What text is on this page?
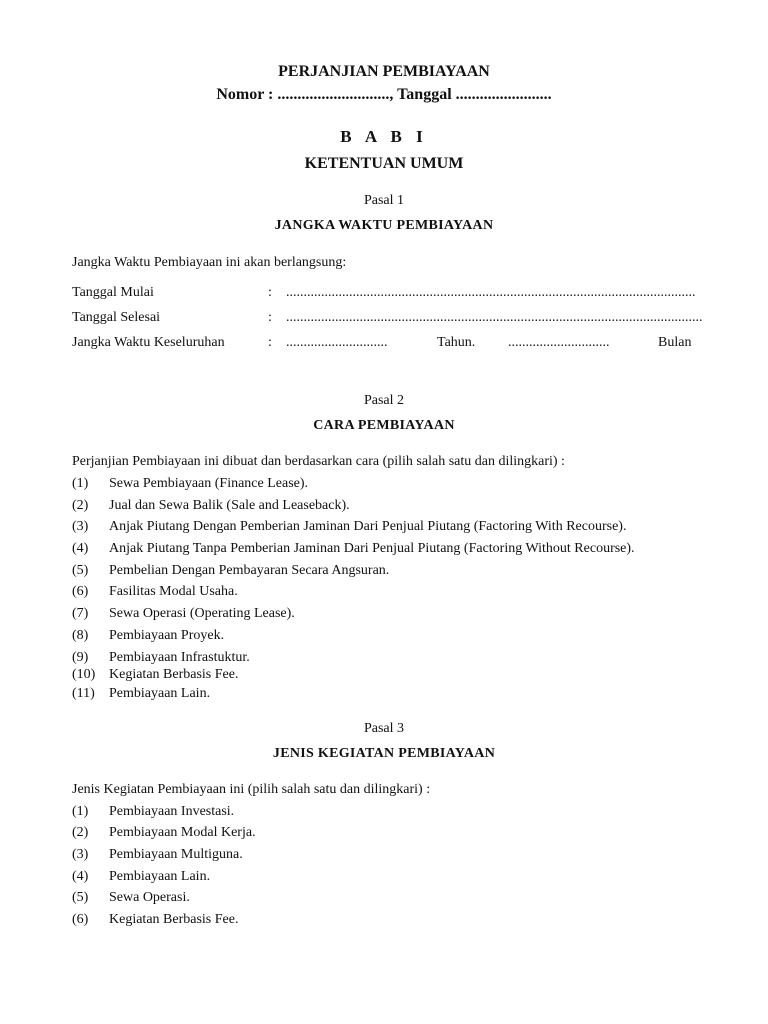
PERJANJIAN PEMBIAYAAN
Nomor : ............................, Tanggal ........................
B A B I
KETENTUAN UMUM
Pasal 1
JANGKA WAKTU PEMBIAYAAN
Jangka Waktu Pembiayaan ini akan berlangsung:
Tanggal Mulai	: .....................................................................................................................
Tanggal Selesai	: .......................................................................................................................
Jangka Waktu Keseluruhan	: .............................	Tahun. .............................	Bulan
Pasal 2
CARA PEMBIAYAAN
Perjanjian Pembiayaan ini dibuat dan berdasarkan cara (pilih salah satu dan dilingkari) :
(1) Sewa Pembiayaan (Finance Lease).
(2) Jual dan Sewa Balik (Sale and Leaseback).
(3) Anjak Piutang Dengan Pemberian Jaminan Dari Penjual Piutang (Factoring With Recourse).
(4) Anjak Piutang Tanpa Pemberian Jaminan Dari Penjual Piutang (Factoring Without Recourse).
(5) Pembelian Dengan Pembayaran Secara Angsuran.
(6) Fasilitas Modal Usaha.
(7) Sewa Operasi (Operating Lease).
(8) Pembiayaan Proyek.
(9) Pembiayaan Infrastuktur.
(10) Kegiatan Berbasis Fee.
(11) Pembiayaan Lain.
Pasal 3
JENIS KEGIATAN PEMBIAYAAN
Jenis Kegiatan Pembiayaan ini (pilih salah satu dan dilingkari) :
(1) Pembiayaan Investasi.
(2) Pembiayaan Modal Kerja.
(3) Pembiayaan Multiguna.
(4) Pembiayaan Lain.
(5) Sewa Operasi.
(6) Kegiatan Berbasis Fee.
